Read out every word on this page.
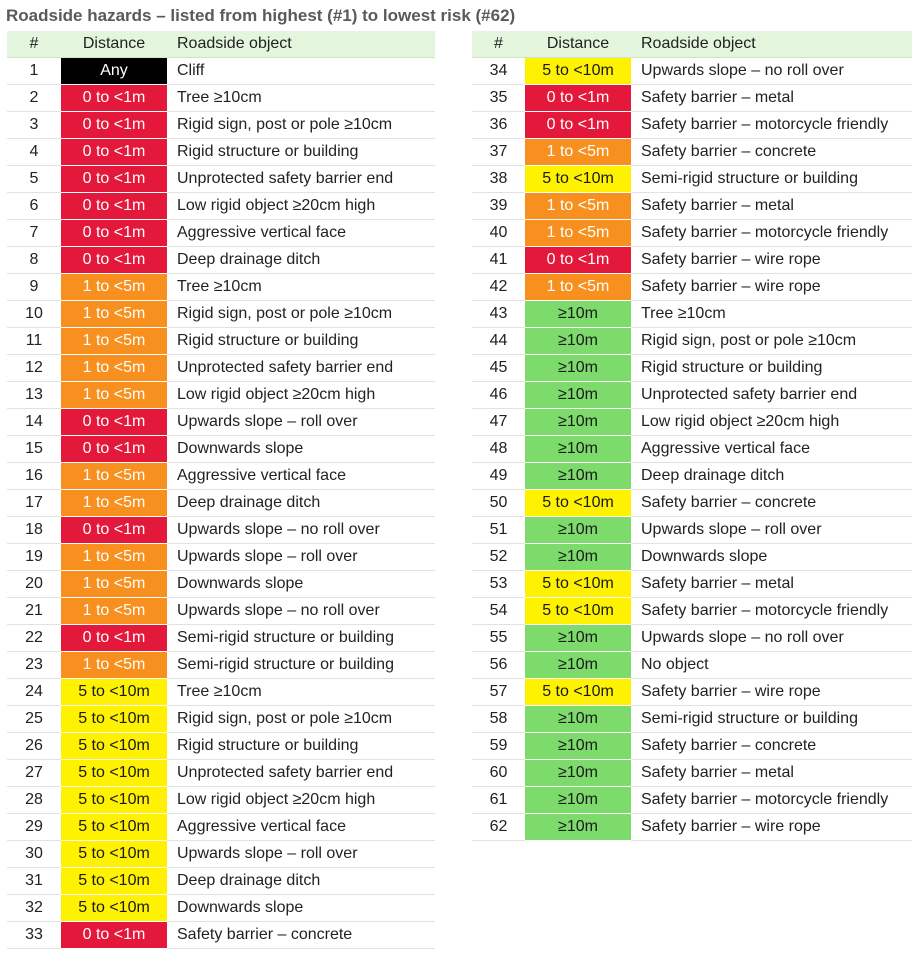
Roadside hazards – listed from highest (#1) to lowest risk (#62)
#	Distance	Roadside object
1	Any	Cliff
2	0 to <1m	Tree ≥10cm
3	0 to <1m	Rigid sign, post or pole ≥10cm
4	0 to <1m	Rigid structure or building
5	0 to <1m	Unprotected safety barrier end
6	0 to <1m	Low rigid object ≥20cm high
7	0 to <1m	Aggressive vertical face
8	0 to <1m	Deep drainage ditch
9	1 to <5m	Tree ≥10cm
10	1 to <5m	Rigid sign, post or pole ≥10cm
11	1 to <5m	Rigid structure or building
12	1 to <5m	Unprotected safety barrier end
13	1 to <5m	Low rigid object ≥20cm high
14	0 to <1m	Upwards slope – roll over
15	0 to <1m	Downwards slope
16	1 to <5m	Aggressive vertical face
17	1 to <5m	Deep drainage ditch
18	0 to <1m	Upwards slope – no roll over
19	1 to <5m	Upwards slope – roll over
20	1 to <5m	Downwards slope
21	1 to <5m	Upwards slope – no roll over
22	0 to <1m	Semi-rigid structure or building
23	1 to <5m	Semi-rigid structure or building
24	5 to <10m	Tree ≥10cm
25	5 to <10m	Rigid sign, post or pole ≥10cm
26	5 to <10m	Rigid structure or building
27	5 to <10m	Unprotected safety barrier end
28	5 to <10m	Low rigid object ≥20cm high
29	5 to <10m	Aggressive vertical face
30	5 to <10m	Upwards slope – roll over
31	5 to <10m	Deep drainage ditch
32	5 to <10m	Downwards slope
33	0 to <1m	Safety barrier – concrete
#	Distance	Roadside object
34	5 to <10m	Upwards slope – no roll over
35	0 to <1m	Safety barrier – metal
36	0 to <1m	Safety barrier – motorcycle friendly
37	1 to <5m	Safety barrier – concrete
38	5 to <10m	Semi-rigid structure or building
39	1 to <5m	Safety barrier – metal
40	1 to <5m	Safety barrier – motorcycle friendly
41	0 to <1m	Safety barrier – wire rope
42	1 to <5m	Safety barrier – wire rope
43	≥10m	Tree ≥10cm
44	≥10m	Rigid sign, post or pole ≥10cm
45	≥10m	Rigid structure or building
46	≥10m	Unprotected safety barrier end
47	≥10m	Low rigid object ≥20cm high
48	≥10m	Aggressive vertical face
49	≥10m	Deep drainage ditch
50	5 to <10m	Safety barrier – concrete
51	≥10m	Upwards slope – roll over
52	≥10m	Downwards slope
53	5 to <10m	Safety barrier – metal
54	5 to <10m	Safety barrier – motorcycle friendly
55	≥10m	Upwards slope – no roll over
56	≥10m	No object
57	5 to <10m	Safety barrier – wire rope
58	≥10m	Semi-rigid structure or building
59	≥10m	Safety barrier – concrete
60	≥10m	Safety barrier – metal
61	≥10m	Safety barrier – motorcycle friendly
62	≥10m	Safety barrier – wire rope
